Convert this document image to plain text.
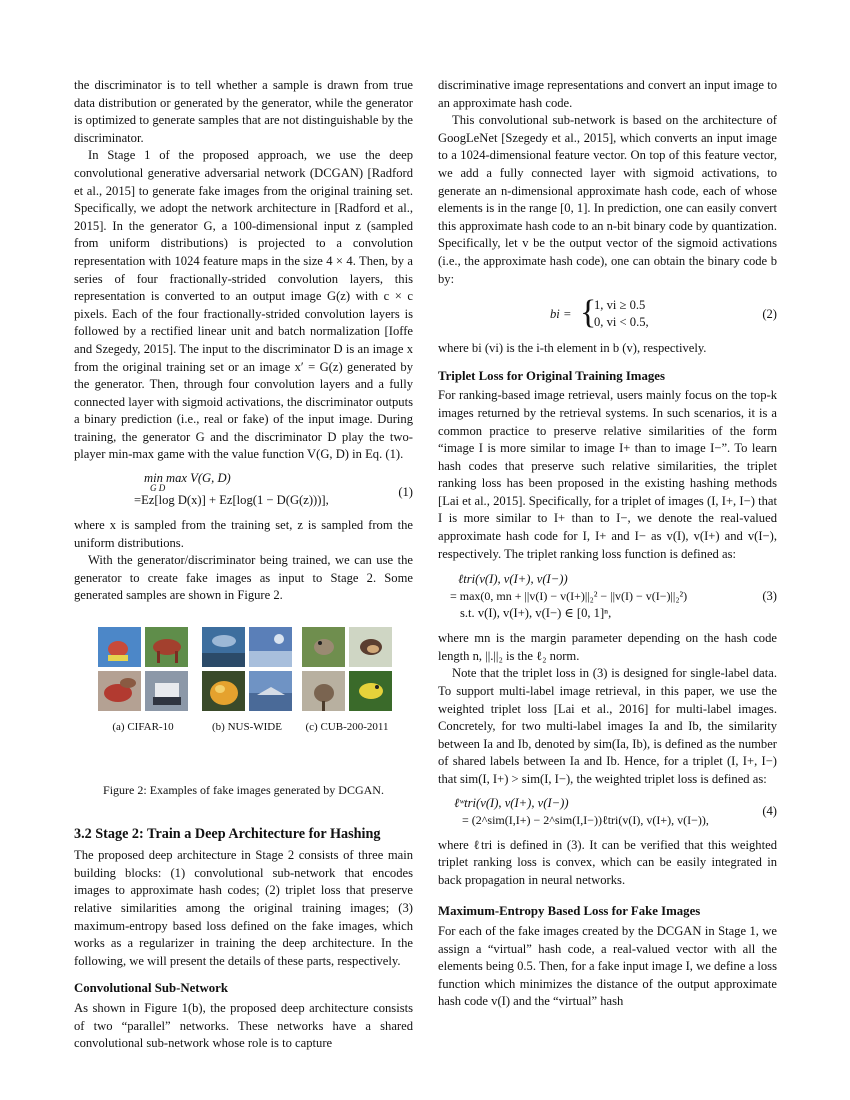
the discriminator is to tell whether a sample is drawn from true data distribution or generated by the generator, while the generator is optimized to generate samples that are not distinguishable by the discriminator.

In Stage 1 of the proposed approach, we use the deep convolutional generative adversarial network (DCGAN) [Radford et al., 2015] to generate fake images from the original training set. Specifically, we adopt the network architecture in [Radford et al., 2015]. In the generator G, a 100-dimensional input z (sampled from uniform distributions) is projected to a convolution representation with 1024 feature maps in the size 4 × 4. Then, by a series of four fractionally-strided convolution layers, this representation is converted to an output image G(z) with c × c pixels. Each of the four fractionally-strided convolution layers is followed by a rectified linear unit and batch normalization [Ioffe and Szegedy, 2015]. The input to the discriminator D is an image x from the original training set or an image x′ = G(z) generated by the generator. Then, through four convolution layers and a fully connected layer with sigmoid activations, the discriminator outputs a binary prediction (i.e., real or fake) of the input image. During training, the generator G and the discriminator D play the two-player min-max game with the value function V(G, D) in Eq. (1).

min max V(G, D)
G D
=Ez[log D(x)] + Ez[log(1 − D(G(z)))],
(1)

where x is sampled from the training set, z is sampled from the uniform distributions.

With the generator/discriminator being trained, we can use the generator to create fake images as input to Stage 2. Some generated samples are shown in Figure 2.

(a) CIFAR-10	(b) NUS-WIDE	(c) CUB-200-2011
Figure 2: Examples of fake images generated by DCGAN.
3.2 Stage 2: Train a Deep Architecture for Hashing

The proposed deep architecture in Stage 2 consists of three main building blocks: (1) convolutional sub-network that encodes images to approximate hash codes; (2) triplet loss that preserve relative similarities among the original training images; (3) maximum-entropy based loss defined on the fake images, which works as a regularizer in training the deep architecture. In the following, we will present the details of these parts, respectively.

Convolutional Sub-Network

As shown in Figure 1(b), the proposed deep architecture consists of two “parallel” networks. These networks have a shared convolutional sub-network whose role is to capture

discriminative image representations and convert an input image to an approximate hash code.

This convolutional sub-network is based on the architecture of GoogLeNet [Szegedy et al., 2015], which converts an input image to a 1024-dimensional feature vector. On top of this feature vector, we add a fully connected layer with sigmoid activations, to generate an n-dimensional approximate hash code, each of whose elements is in the range [0, 1]. In prediction, one can easily convert this approximate hash code to an n-bit binary code by quantization. Specifically, let v be the output vector of the sigmoid activations (i.e., the approximate hash code), one can obtain the binary code b by:

bi = {
1, vi ≥ 0.5
0, vi < 0.5,
(2)

where bi (vi) is the i-th element in b (v), respectively.

Triplet Loss for Original Training Images

For ranking-based image retrieval, users mainly focus on the top-k images returned by the retrieval systems. In such scenarios, it is a common practice to preserve relative similarities of the form “image I is more similar to image I+ than to image I−”. To learn hash codes that preserve such relative similarities, the triplet ranking loss has been proposed in the existing hashing methods [Lai et al., 2015]. Specifically, for a triplet of images (I, I+, I−) that I is more similar to I+ than to I−, we denote the real-valued approximate hash code for I, I+ and I− as v(I), v(I+) and v(I−), respectively. The triplet ranking loss function is defined as:

ℓtri(v(I), v(I+), v(I−))
= max(0, mn + ||v(I) − v(I+)||₂² − ||v(I) − v(I−)||₂²)
s.t. v(I), v(I+), v(I−) ∈ [0, 1]ⁿ,
(3)

where mn is the margin parameter depending on the hash code length n, ||.||₂ is the ℓ₂ norm.

Note that the triplet loss in (3) is designed for single-label data. To support multi-label image retrieval, in this paper, we use the weighted triplet loss [Lai et al., 2016] for multi-label images. Concretely, for two multi-label images Ia and Ib, the similarity between Ia and Ib, denoted by sim(Ia, Ib), is defined as the number of shared labels between Ia and Ib. Hence, for a triplet (I, I+, I−) that sim(I, I+) > sim(I, I−), the weighted triplet loss is defined as:

ℓʷtri(v(I), v(I+), v(I−))
= (2^sim(I,I+) − 2^sim(I,I−))ℓtri(v(I), v(I+), v(I−)),
(4)

where ℓtri is defined in (3). It can be verified that this weighted triplet ranking loss is convex, which can be easily integrated in back propagation in neural networks.

Maximum-Entropy Based Loss for Fake Images

For each of the fake images created by the DCGAN in Stage 1, we assign a “virtual” hash code, a real-valued vector with all the elements being 0.5. Then, for a fake input image I, we define a loss function which minimizes the distance of the output approximate hash code v(I) and the “virtual” hash
